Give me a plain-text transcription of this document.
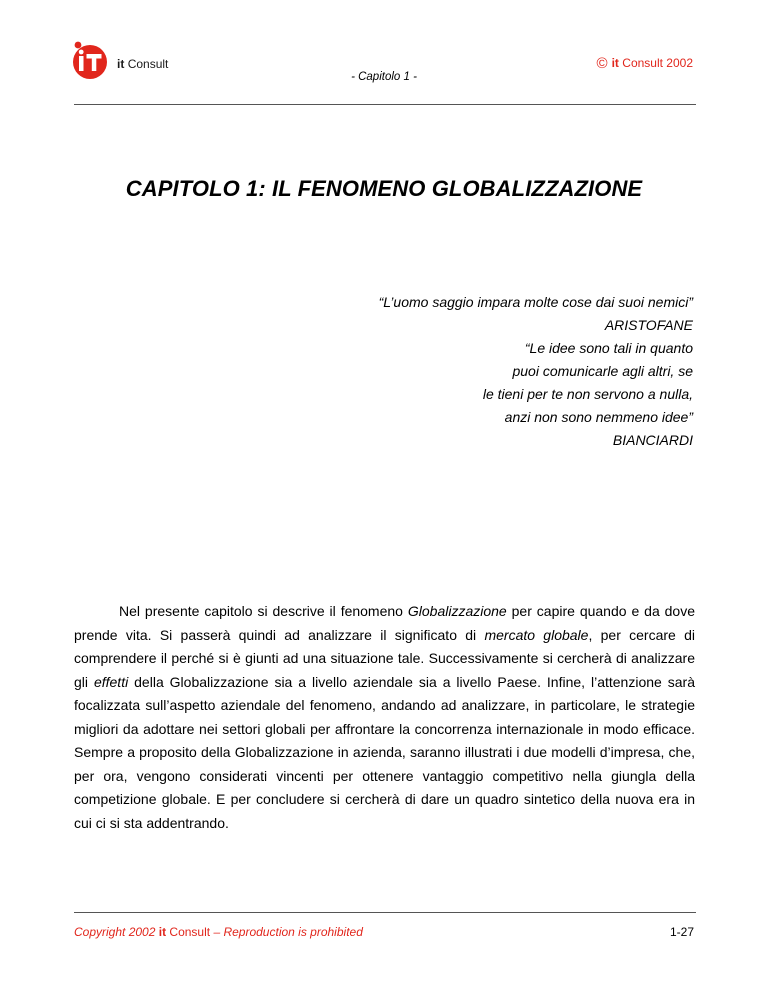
it Consult	© it Consult 2002
- Capitolo 1 -
CAPITOLO 1: IL FENOMENO GLOBALIZZAZIONE
“L’uomo saggio impara molte cose dai suoi nemici”
ARISTOFANE
“Le idee sono tali in quanto
puoi comunicarle agli altri, se
le tieni per te non servono a nulla,
anzi non sono nemmeno idee”
BIANCIARDI

Nel presente capitolo si descrive il fenomeno Globalizzazione per capire quando e da dove prende vita. Si passerà quindi ad analizzare il significato di mercato globale, per cercare di comprendere il perché si è giunti ad una situazione tale. Successivamente si cercherà di analizzare gli effetti della Globalizzazione sia a livello aziendale sia a livello Paese. Infine, l’attenzione sarà focalizzata sull’aspetto aziendale del fenomeno, andando ad analizzare, in particolare, le strategie migliori da adottare nei settori globali per affrontare la concorrenza internazionale in modo efficace. Sempre a proposito della Globalizzazione in azienda, saranno illustrati i due modelli d’impresa, che, per ora, vengono considerati vincenti per ottenere vantaggio competitivo nella giungla della competizione globale. E per concludere si cercherà di dare un quadro sintetico della nuova era in cui ci si sta addentrando.

Copyright 2002 it Consult – Reproduction is prohibited	1-27
